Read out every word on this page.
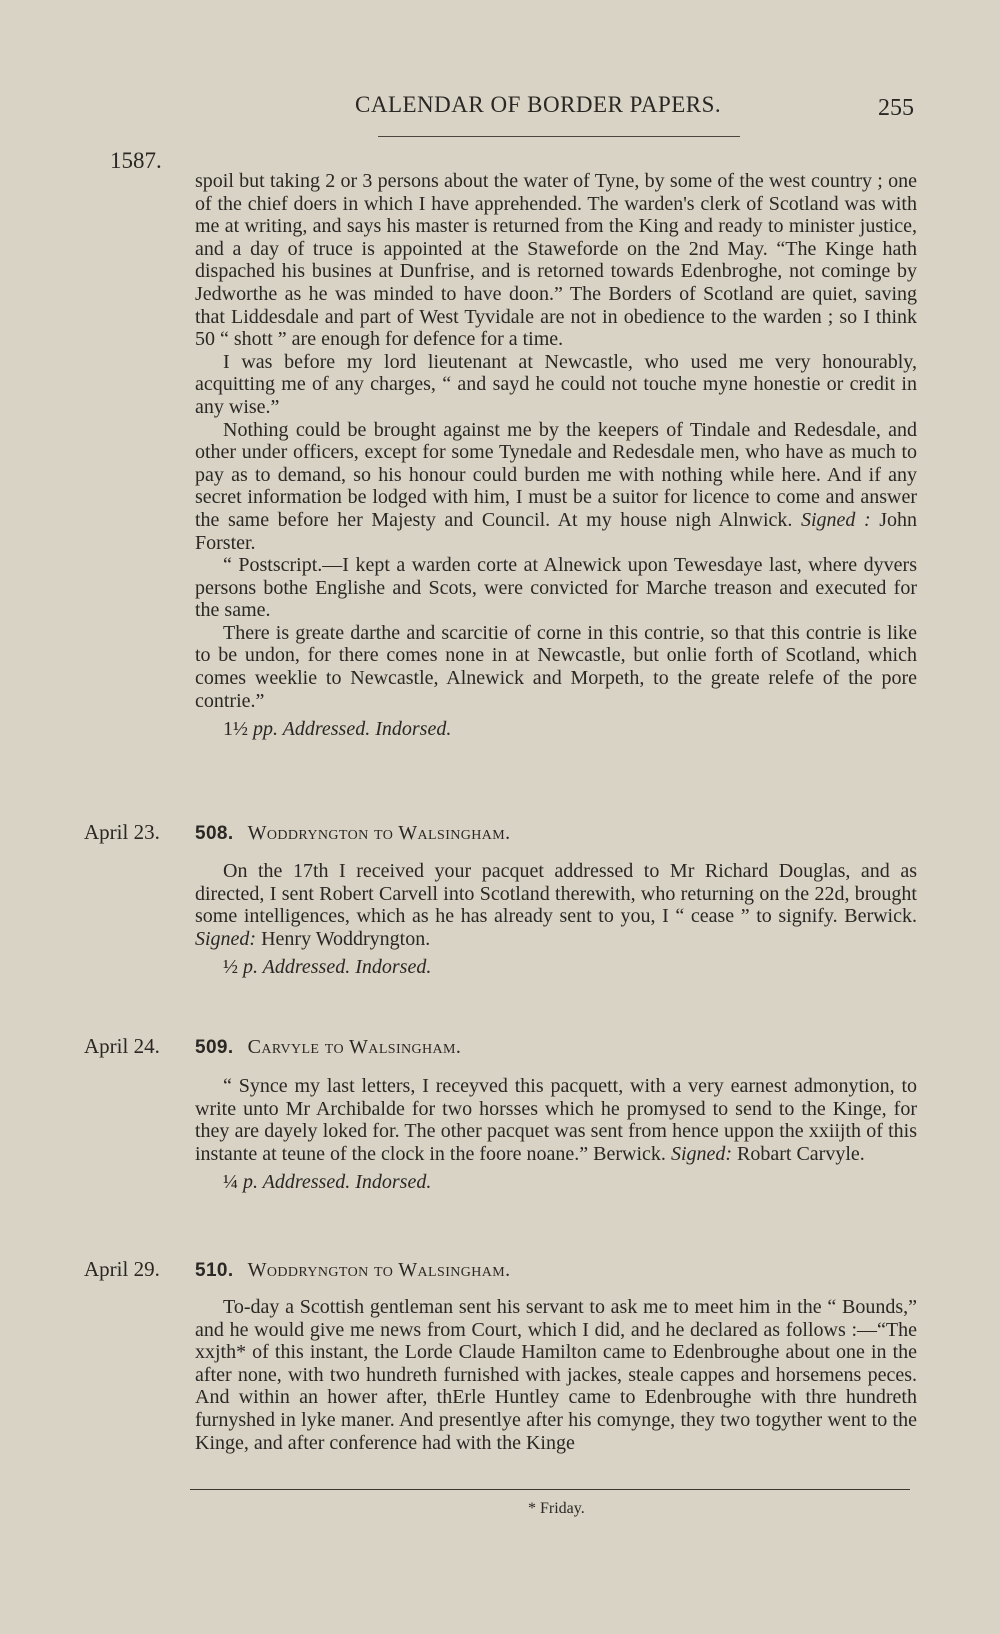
CALENDAR OF BORDER PAPERS.	255
1587.

spoil but taking 2 or 3 persons about the water of Tyne, by some of the west country ; one of the chief doers in which I have apprehended. The warden's clerk of Scotland was with me at writing, and says his master is returned from the King and ready to minister justice, and a day of truce is appointed at the Staweforde on the 2nd May. “The Kinge hath dispached his busines at Dunfrise, and is retorned towards Edenbroghe, not cominge by Jedworthe as he was minded to have doon.” The Borders of Scotland are quiet, saving that Liddesdale and part of West Tyvidale are not in obedience to the warden ; so I think 50 “ shott ” are enough for defence for a time.

I was before my lord lieutenant at Newcastle, who used me very honourably, acquitting me of any charges, “ and sayd he could not touche myne honestie or credit in any wise.”

Nothing could be brought against me by the keepers of Tindale and Redesdale, and other under officers, except for some Tynedale and Redesdale men, who have as much to pay as to demand, so his honour could burden me with nothing while here. And if any secret information be lodged with him, I must be a suitor for licence to come and answer the same before her Majesty and Council. At my house nigh Alnwick. Signed : John Forster.

“ Postscript.—I kept a warden corte at Alnewick upon Tewesdaye last, where dyvers persons bothe Englishe and Scots, were convicted for Marche treason and executed for the same.

There is greate darthe and scarcitie of corne in this contrie, so that this contrie is like to be undon, for there comes none in at Newcastle, but onlie forth of Scotland, which comes weeklie to Newcastle, Alnewick and Morpeth, to the greate relefe of the pore contrie.”

1½ pp. Addressed. Indorsed.
April 23. 508. Woddryngton to Walsingham.

On the 17th I received your pacquet addressed to Mr Richard Douglas, and as directed, I sent Robert Carvell into Scotland therewith, who returning on the 22d, brought some intelligences, which as he has already sent to you, I “ cease ” to signify. Berwick. Signed: Henry Woddryngton.

½ p. Addressed. Indorsed.
April 24. 509. Carvyle to Walsingham.

“ Synce my last letters, I receyved this pacquett, with a very earnest admonytion, to write unto Mr Archibalde for two horsses which he promysed to send to the Kinge, for they are dayely loked for. The other pacquet was sent from hence uppon the xxiijth of this instante at teune of the clock in the foore noane.” Berwick. Signed: Robart Carvyle.

¼ p. Addressed. Indorsed.
April 29. 510. Woddryngton to Walsingham.

To-day a Scottish gentleman sent his servant to ask me to meet him in the “ Bounds,” and he would give me news from Court, which I did, and he declared as follows :—“The xxjth* of this instant, the Lorde Claude Hamilton came to Edenbroughe about one in the after none, with two hundreth furnished with jackes, steale cappes and horsemens peces. And within an hower after, thErle Huntley came to Edenbroughe with thre hundreth furnyshed in lyke maner. And presentlye after his comynge, they two togyther went to the Kinge, and after conference had with the Kinge

* Friday.
